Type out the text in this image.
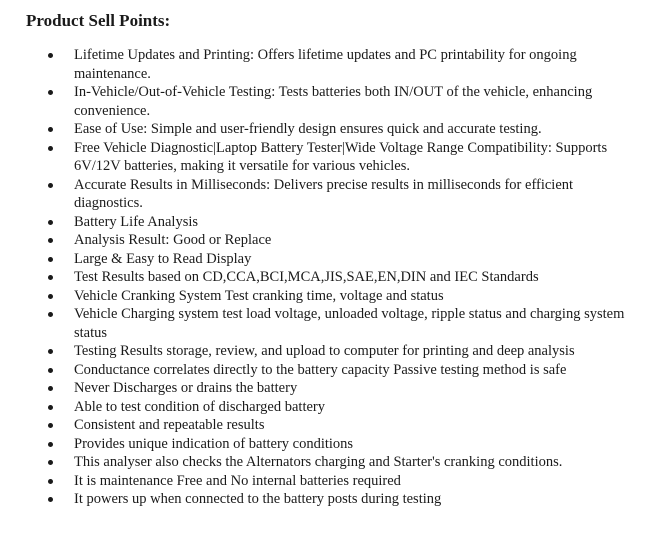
Product Sell Points:
Lifetime Updates and Printing: Offers lifetime updates and PC printability for ongoing maintenance.
In-Vehicle/Out-of-Vehicle Testing: Tests batteries both IN/OUT of the vehicle, enhancing convenience.
Ease of Use: Simple and user-friendly design ensures quick and accurate testing.
Free Vehicle Diagnostic|Laptop Battery Tester|Wide Voltage Range Compatibility: Supports 6V/12V batteries, making it versatile for various vehicles.
Accurate Results in Milliseconds: Delivers precise results in milliseconds for efficient diagnostics.
Battery Life Analysis
Analysis Result: Good or Replace
Large & Easy to Read Display
Test Results based on CD,CCA,BCI,MCA,JIS,SAE,EN,DIN and IEC Standards
Vehicle Cranking System Test cranking time, voltage and status
Vehicle Charging system test load voltage, unloaded voltage, ripple status and charging system status
Testing Results storage, review, and upload to computer for printing and deep analysis
Conductance correlates directly to the battery capacity Passive testing method is safe
Never Discharges or drains the battery
Able to test condition of discharged battery
Consistent and repeatable results
Provides unique indication of battery conditions
This analyser also checks the Alternators charging and Starter's cranking conditions.
It is maintenance Free and No internal batteries required
It powers up when connected to the battery posts during testing
